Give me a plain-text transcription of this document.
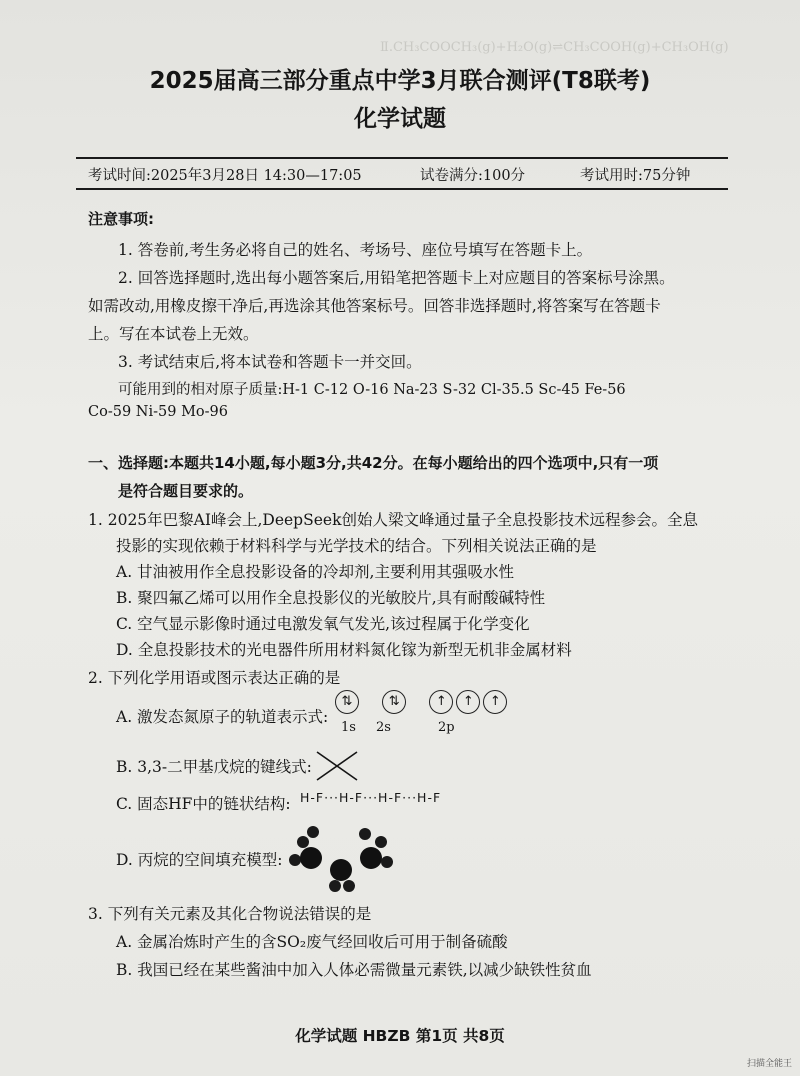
Ⅱ.CH₃COOCH₃(g)+H₂O(g)⇌CH₃COOH(g)+CH₃OH(g)
2025届高三部分重点中学3月联合测评(T8联考)
化学试题
考试时间:2025年3月28日 14:30—17:05	试卷满分:100分	考试用时:75分钟
注意事项:
1. 答卷前,考生务必将自己的姓名、考场号、座位号填写在答题卡上。
2. 回答选择题时,选出每小题答案后,用铅笔把答题卡上对应题目的答案标号涂黑。
如需改动,用橡皮擦干净后,再选涂其他答案标号。回答非选择题时,将答案写在答题卡
上。写在本试卷上无效。
3. 考试结束后,将本试卷和答题卡一并交回。
可能用到的相对原子质量:H-1 C-12 O-16 Na-23 S-32 Cl-35.5 Sc-45 Fe-56
Co-59 Ni-59 Mo-96
一、选择题:本题共14小题,每小题3分,共42分。在每小题给出的四个选项中,只有一项
是符合题目要求的。
1. 2025年巴黎AI峰会上,DeepSeek创始人梁文峰通过量子全息投影技术远程参会。全息
投影的实现依赖于材料科学与光学技术的结合。下列相关说法正确的是
A. 甘油被用作全息投影设备的冷却剂,主要利用其强吸水性
B. 聚四氟乙烯可以用作全息投影仪的光敏胶片,具有耐酸碱特性
C. 空气显示影像时通过电激发氧气发光,该过程属于化学变化
D. 全息投影技术的光电器件所用材料氮化镓为新型无机非金属材料
2. 下列化学用语或图示表达正确的是
A. 激发态氮原子的轨道表示式:
⇅	⇅	↑ ↑ ↑
1s 2s	2p
B. 3,3-二甲基戊烷的键线式:
C. 固态HF中的链状结构: H-F···H-F···H-F···H-F
D. 丙烷的空间填充模型:
3. 下列有关元素及其化合物说法错误的是
A. 金属冶炼时产生的含SO₂废气经回收后可用于制备硫酸
B. 我国已经在某些酱油中加入人体必需微量元素铁,以减少缺铁性贫血
化学试题 HBZB 第1页 共8页
扫描全能王
